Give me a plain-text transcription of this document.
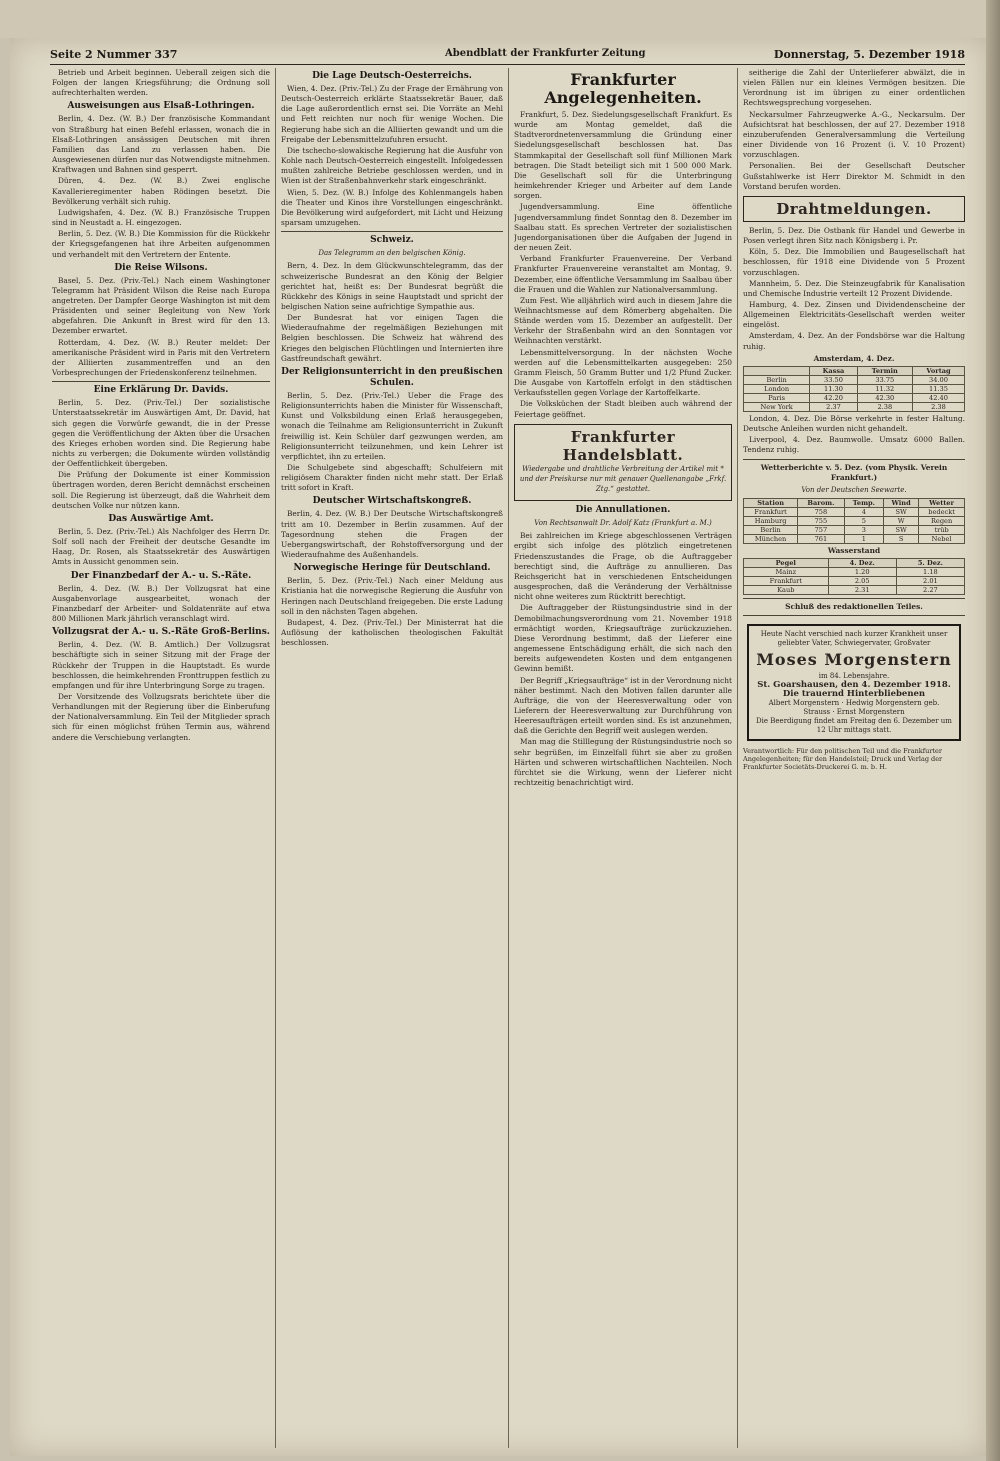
Seite 2 Nummer 337	Abendblatt der Frankfurter Zeitung	Donnerstag, 5. Dezember 1918

Betrieb und Arbeit beginnen. Ueberall zeigen sich die Folgen der langen Kriegsführung; die Ordnung soll aufrechterhalten werden.

Ausweisungen aus Elsaß-Lothringen.

Berlin, 4. Dez. (W. B.) Der französische Kommandant von Straßburg hat einen Befehl erlassen, wonach die in Elsaß-Lothringen ansässigen Deutschen mit ihren Familien das Land zu verlassen haben. Die Ausgewiesenen dürfen nur das Notwendigste mitnehmen. Kraftwagen und Bahnen sind gesperrt.

Düren, 4. Dez. (W. B.) Zwei englische Kavallerieregimenter haben Rödingen besetzt. Die Bevölkerung verhält sich ruhig.

Ludwigshafen, 4. Dez. (W. B.) Französische Truppen sind in Neustadt a. H. eingezogen.

Berlin, 5. Dez. (W. B.) Die Kommission für die Rückkehr der Kriegsgefangenen hat ihre Arbeiten aufgenommen und verhandelt mit den Vertretern der Entente.

Die Reise Wilsons.

Basel, 5. Dez. (Priv.-Tel.) Nach einem Washingtoner Telegramm hat Präsident Wilson die Reise nach Europa angetreten. Der Dampfer George Washington ist mit dem Präsidenten und seiner Begleitung von New York abgefahren. Die Ankunft in Brest wird für den 13. Dezember erwartet.

Rotterdam, 4. Dez. (W. B.) Reuter meldet: Der amerikanische Präsident wird in Paris mit den Vertretern der Alliierten zusammentreffen und an den Vorbesprechungen der Friedenskonferenz teilnehmen.

Eine Erklärung Dr. Davids.

Berlin, 5. Dez. (Priv.-Tel.) Der sozialistische Unterstaatssekretär im Auswärtigen Amt, Dr. David, hat sich gegen die Vorwürfe gewandt, die in der Presse gegen die Veröffentlichung der Akten über die Ursachen des Krieges erhoben worden sind. Die Regierung habe nichts zu verbergen; die Dokumente würden vollständig der Oeffentlichkeit übergeben.

Die Prüfung der Dokumente ist einer Kommission übertragen worden, deren Bericht demnächst erscheinen soll. Die Regierung ist überzeugt, daß die Wahrheit dem deutschen Volke nur nützen kann.

Das Auswärtige Amt.

Berlin, 5. Dez. (Priv.-Tel.) Als Nachfolger des Herrn Dr. Solf soll nach der Freiheit der deutsche Gesandte im Haag, Dr. Rosen, als Staatssekretär des Auswärtigen Amts in Aussicht genommen sein.

Der Finanzbedarf der A.- u. S.-Räte.

Berlin, 4. Dez. (W. B.) Der Vollzugsrat hat eine Ausgabenvorlage ausgearbeitet, wonach der Finanzbedarf der Arbeiter- und Soldatenräte auf etwa 800 Millionen Mark jährlich veranschlagt wird.

Vollzugsrat der A.- u. S.-Räte Groß-Berlins.

Berlin, 4. Dez. (W. B. Amtlich.) Der Vollzugsrat beschäftigte sich in seiner Sitzung mit der Frage der Rückkehr der Truppen in die Hauptstadt. Es wurde beschlossen, die heimkehrenden Fronttruppen festlich zu empfangen und für ihre Unterbringung Sorge zu tragen.

Der Vorsitzende des Vollzugsrats berichtete über die Verhandlungen mit der Regierung über die Einberufung der Nationalversammlung. Ein Teil der Mitglieder sprach sich für einen möglichst frühen Termin aus, während andere die Verschiebung verlangten.

Die Lage Deutsch-Oesterreichs.

Wien, 4. Dez. (Priv.-Tel.) Zu der Frage der Ernährung von Deutsch-Oesterreich erklärte Staatssekretär Bauer, daß die Lage außerordentlich ernst sei. Die Vorräte an Mehl und Fett reichten nur noch für wenige Wochen. Die Regierung habe sich an die Alliierten gewandt und um die Freigabe der Lebensmittelzufuhren ersucht.

Die tschecho-slowakische Regierung hat die Ausfuhr von Kohle nach Deutsch-Oesterreich eingestellt. Infolgedessen mußten zahlreiche Betriebe geschlossen werden, und in Wien ist der Straßenbahnverkehr stark eingeschränkt.

Wien, 5. Dez. (W. B.) Infolge des Kohlenmangels haben die Theater und Kinos ihre Vorstellungen eingeschränkt. Die Bevölkerung wird aufgefordert, mit Licht und Heizung sparsam umzugehen.

Schweiz.
Das Telegramm an den belgischen König.

Bern, 4. Dez. In dem Glückwunschtelegramm, das der schweizerische Bundesrat an den König der Belgier gerichtet hat, heißt es: Der Bundesrat begrüßt die Rückkehr des Königs in seine Hauptstadt und spricht der belgischen Nation seine aufrichtige Sympathie aus.

Der Bundesrat hat vor einigen Tagen die Wiederaufnahme der regelmäßigen Beziehungen mit Belgien beschlossen. Die Schweiz hat während des Krieges den belgischen Flüchtlingen und Internierten ihre Gastfreundschaft gewährt.

Der Religionsunterricht in den preußischen Schulen.

Berlin, 5. Dez. (Priv.-Tel.) Ueber die Frage des Religionsunterrichts haben die Minister für Wissenschaft, Kunst und Volksbildung einen Erlaß herausgegeben, wonach die Teilnahme am Religionsunterricht in Zukunft freiwillig ist. Kein Schüler darf gezwungen werden, am Religionsunterricht teilzunehmen, und kein Lehrer ist verpflichtet, ihn zu erteilen.

Die Schulgebete sind abgeschafft; Schulfeiern mit religiösem Charakter finden nicht mehr statt. Der Erlaß tritt sofort in Kraft.

Deutscher Wirtschaftskongreß.

Berlin, 4. Dez. (W. B.) Der Deutsche Wirtschaftskongreß tritt am 10. Dezember in Berlin zusammen. Auf der Tagesordnung stehen die Fragen der Uebergangswirtschaft, der Rohstoffversorgung und der Wiederaufnahme des Außenhandels.

Norwegische Heringe für Deutschland.

Berlin, 5. Dez. (Priv.-Tel.) Nach einer Meldung aus Kristiania hat die norwegische Regierung die Ausfuhr von Heringen nach Deutschland freigegeben. Die erste Ladung soll in den nächsten Tagen abgehen.

Budapest, 4. Dez. (Priv.-Tel.) Der Ministerrat hat die Auflösung der katholischen theologischen Fakultät beschlossen.

Frankfurter Angelegenheiten.

Frankfurt, 5. Dez. Siedelungsgesellschaft Frankfurt. Es wurde am Montag gemeldet, daß die Stadtverordnetenversammlung die Gründung einer Siedelungsgesellschaft beschlossen hat. Das Stammkapital der Gesellschaft soll fünf Millionen Mark betragen. Die Stadt beteiligt sich mit 1 500 000 Mark. Die Gesellschaft soll für die Unterbringung heimkehrender Krieger und Arbeiter auf dem Lande sorgen.

Jugendversammlung. Eine öffentliche Jugendversammlung findet Sonntag den 8. Dezember im Saalbau statt. Es sprechen Vertreter der sozialistischen Jugendorganisationen über die Aufgaben der Jugend in der neuen Zeit.

Verband Frankfurter Frauenvereine. Der Verband Frankfurter Frauenvereine veranstaltet am Montag, 9. Dezember, eine öffentliche Versammlung im Saalbau über die Frauen und die Wahlen zur Nationalversammlung.

Zum Fest. Wie alljährlich wird auch in diesem Jahre die Weihnachtsmesse auf dem Römerberg abgehalten. Die Stände werden vom 15. Dezember an aufgestellt. Der Verkehr der Straßenbahn wird an den Sonntagen vor Weihnachten verstärkt.

Lebensmittelversorgung. In der nächsten Woche werden auf die Lebensmittelkarten ausgegeben: 250 Gramm Fleisch, 50 Gramm Butter und 1/2 Pfund Zucker. Die Ausgabe von Kartoffeln erfolgt in den städtischen Verkaufsstellen gegen Vorlage der Kartoffelkarte.

Die Volksküchen der Stadt bleiben auch während der Feiertage geöffnet.

Frankfurter Handelsblatt.
Wiedergabe und drahtliche Verbreitung der Artikel mit * und der Preiskurse nur mit genauer Quellenangabe „Frkf. Ztg.“ gestattet.
Die Annullationen.
Von Rechtsanwalt Dr. Adolf Katz (Frankfurt a. M.)

Bei zahlreichen im Kriege abgeschlossenen Verträgen ergibt sich infolge des plötzlich eingetretenen Friedenszustandes die Frage, ob die Auftraggeber berechtigt sind, die Aufträge zu annullieren. Das Reichsgericht hat in verschiedenen Entscheidungen ausgesprochen, daß die Veränderung der Verhältnisse nicht ohne weiteres zum Rücktritt berechtigt.

Die Auftraggeber der Rüstungsindustrie sind in der Demobilmachungsverordnung vom 21. November 1918 ermächtigt worden, Kriegsaufträge zurückzuziehen. Diese Verordnung bestimmt, daß der Lieferer eine angemessene Entschädigung erhält, die sich nach den bereits aufgewendeten Kosten und dem entgangenen Gewinn bemißt.

Der Begriff „Kriegsaufträge“ ist in der Verordnung nicht näher bestimmt. Nach den Motiven fallen darunter alle Aufträge, die von der Heeresverwaltung oder von Lieferern der Heeresverwaltung zur Durchführung von Heeresaufträgen erteilt worden sind. Es ist anzunehmen, daß die Gerichte den Begriff weit auslegen werden.

Man mag die Stilllegung der Rüstungsindustrie noch so sehr begrüßen, im Einzelfall führt sie aber zu großen Härten und schweren wirtschaftlichen Nachteilen. Noch fürchtet sie die Wirkung, wenn der Lieferer nicht rechtzeitig benachrichtigt wird.

seitherige die Zahl der Unterlieferer abwälzt, die in vielen Fällen nur ein kleines Vermögen besitzen. Die Verordnung ist im übrigen zu einer ordentlichen Rechtswegsprechung vorgesehen.

Neckarsulmer Fahrzeugwerke A.-G., Neckarsulm. Der Aufsichtsrat hat beschlossen, der auf 27. Dezember 1918 einzuberufenden Generalversammlung die Verteilung einer Dividende von 16 Prozent (i. V. 10 Prozent) vorzuschlagen.

Personalien. Bei der Gesellschaft Deutscher Gußstahlwerke ist Herr Direktor M. Schmidt in den Vorstand berufen worden.

Drahtmeldungen.

Berlin, 5. Dez. Die Ostbank für Handel und Gewerbe in Posen verlegt ihren Sitz nach Königsberg i. Pr.

Köln, 5. Dez. Die Immobilien und Baugesellschaft hat beschlossen, für 1918 eine Dividende von 5 Prozent vorzuschlagen.

Mannheim, 5. Dez. Die Steinzeugfabrik für Kanalisation und Chemische Industrie verteilt 12 Prozent Dividende.

Hamburg, 4. Dez. Zinsen und Dividendenscheine der Allgemeinen Elektricitäts-Gesellschaft werden weiter eingelöst.

Amsterdam, 4. Dez. An der Fondsbörse war die Haltung ruhig.

Amsterdam, 4. Dez.
	Kassa	Termin	Vortag
Berlin	33.50	33.75	34.00
London	11.30	11.32	11.35
Paris	42.20	42.30	42.40
New York	2.37	2.38	2.38

London, 4. Dez. Die Börse verkehrte in fester Haltung. Deutsche Anleihen wurden nicht gehandelt.

Liverpool, 4. Dez. Baumwolle. Umsatz 6000 Ballen. Tendenz ruhig.

Wetterberichte v. 5. Dez. (vom Physik. Verein Frankfurt.)
Von der Deutschen Seewarte.
Station	Barom.	Temp.	Wind	Wetter
Frankfurt	758	4	SW	bedeckt
Hamburg	755	5	W	Regen
Berlin	757	3	SW	trüb
München	761	1	S	Nebel
Wasserstand
Pegel	4. Dez.	5. Dez.
Mainz	1.20	1.18
Frankfurt	2.05	2.01
Kaub	2.31	2.27
Schluß des redaktionellen Teiles.
Heute Nacht verschied nach kurzer Krankheit unser geliebter Vater, Schwiegervater, Großvater
Moses Morgenstern
im 84. Lebensjahre.
St. Goarshausen, den 4. Dezember 1918.
Die trauernd Hinterbliebenen
Albert Morgenstern · Hedwig Morgenstern geb. Strauss · Ernst Morgenstern
Die Beerdigung findet am Freitag den 6. Dezember um 12 Uhr mittags statt.
Verantwortlich: Für den politischen Teil und die Frankfurter Angelegenheiten; für den Handelsteil; Druck und Verlag der Frankfurter Societäts-Druckerei G. m. b. H.
